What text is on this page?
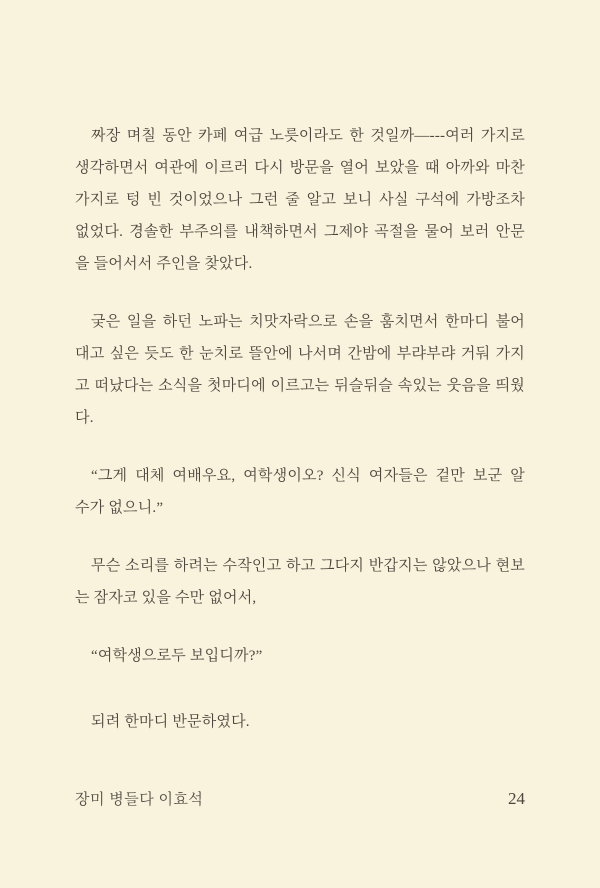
짜장 며칠 동안 카페 여급 노릇이라도 한 것일까—---여러 가지로
생각하면서 여관에 이르러 다시 방문을 열어 보았을 때 아까와 마찬
가지로 텅 빈 것이었으나 그런 줄 알고 보니 사실 구석에 가방조차
없었다. 경솔한 부주의를 내책하면서 그제야 곡절을 물어 보러 안문
을 들어서서 주인을 찾았다.
궂은 일을 하던 노파는 치맛자락으로 손을 훔치면서 한마디 불어
대고 싶은 듯도 한 눈치로 뜰안에 나서며 간밤에 부랴부랴 거둬 가지
고 떠났다는 소식을 첫마디에 이르고는 뒤슬뒤슬 속있는 웃음을 띄웠
다.
“그게 대체 여배우요, 여학생이오? 신식 여자들은 겉만 보군 알
수가 없으니.”
무슨 소리를 하려는 수작인고 하고 그다지 반갑지는 않았으나 현보
는 잠자코 있을 수만 없어서,
“여학생으로두 보입디까?”
되려 한마디 반문하였다.
장미 병들다 이효석	24
